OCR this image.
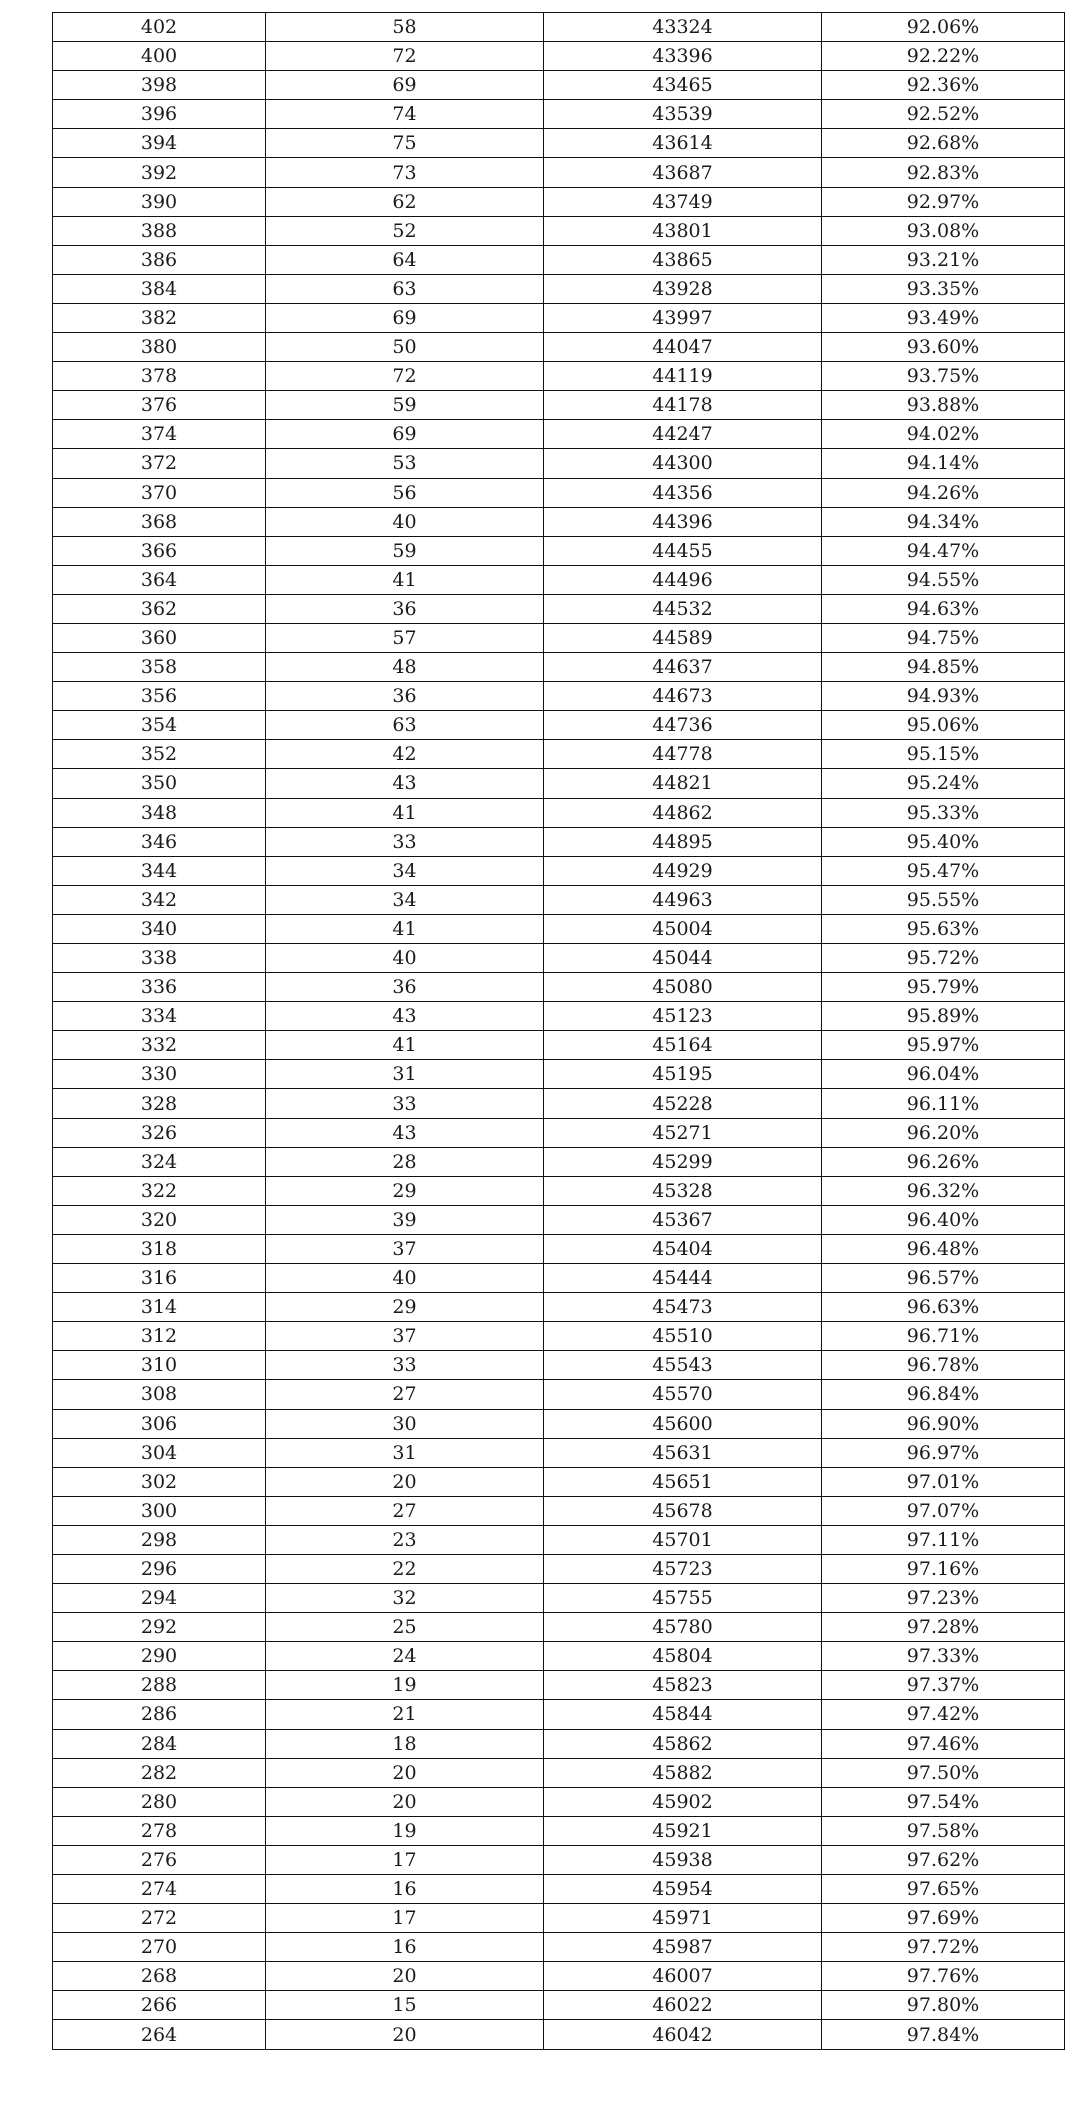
402	58	43324	92.06%
400	72	43396	92.22%
398	69	43465	92.36%
396	74	43539	92.52%
394	75	43614	92.68%
392	73	43687	92.83%
390	62	43749	92.97%
388	52	43801	93.08%
386	64	43865	93.21%
384	63	43928	93.35%
382	69	43997	93.49%
380	50	44047	93.60%
378	72	44119	93.75%
376	59	44178	93.88%
374	69	44247	94.02%
372	53	44300	94.14%
370	56	44356	94.26%
368	40	44396	94.34%
366	59	44455	94.47%
364	41	44496	94.55%
362	36	44532	94.63%
360	57	44589	94.75%
358	48	44637	94.85%
356	36	44673	94.93%
354	63	44736	95.06%
352	42	44778	95.15%
350	43	44821	95.24%
348	41	44862	95.33%
346	33	44895	95.40%
344	34	44929	95.47%
342	34	44963	95.55%
340	41	45004	95.63%
338	40	45044	95.72%
336	36	45080	95.79%
334	43	45123	95.89%
332	41	45164	95.97%
330	31	45195	96.04%
328	33	45228	96.11%
326	43	45271	96.20%
324	28	45299	96.26%
322	29	45328	96.32%
320	39	45367	96.40%
318	37	45404	96.48%
316	40	45444	96.57%
314	29	45473	96.63%
312	37	45510	96.71%
310	33	45543	96.78%
308	27	45570	96.84%
306	30	45600	96.90%
304	31	45631	96.97%
302	20	45651	97.01%
300	27	45678	97.07%
298	23	45701	97.11%
296	22	45723	97.16%
294	32	45755	97.23%
292	25	45780	97.28%
290	24	45804	97.33%
288	19	45823	97.37%
286	21	45844	97.42%
284	18	45862	97.46%
282	20	45882	97.50%
280	20	45902	97.54%
278	19	45921	97.58%
276	17	45938	97.62%
274	16	45954	97.65%
272	17	45971	97.69%
270	16	45987	97.72%
268	20	46007	97.76%
266	15	46022	97.80%
264	20	46042	97.84%
